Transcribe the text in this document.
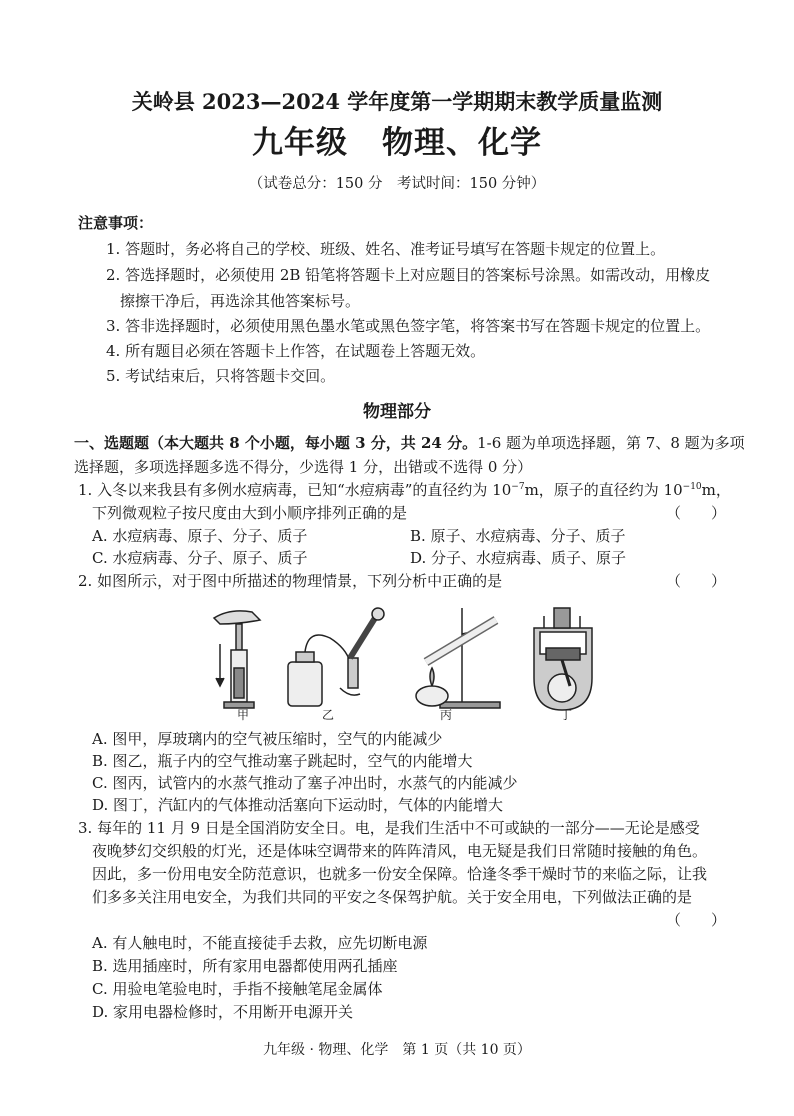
关岭县 2023—2024 学年度第一学期期末教学质量监测
九年级 物理、化学
（试卷总分：150 分　考试时间：150 分钟）
注意事项：
1. 答题时，务必将自己的学校、班级、姓名、准考证号填写在答题卡规定的位置上。
2. 答选择题时，必须使用 2B 铅笔将答题卡上对应题目的答案标号涂黑。如需改动，用橡皮
擦擦干净后，再选涂其他答案标号。
3. 答非选择题时，必须使用黑色墨水笔或黑色签字笔，将答案书写在答题卡规定的位置上。
4. 所有题目必须在答题卡上作答，在试题卷上答题无效。
5. 考试结束后，只将答题卡交回。
物理部分
一、选题题（本大题共 8 个小题，每小题 3 分，共 24 分。1-6 题为单项选择题，第 7、8 题为多项
选择题，多项选择题多选不得分，少选得 1 分，出错或不选得 0 分）
1. 入冬以来我县有多例水痘病毒，已知“水痘病毒”的直径约为 $10^{-7}m$，原子的直径约为 $10^{-10}m$，
下列微观粒子按尺度由大到小顺序排列正确的是	（　　）
A. 水痘病毒、原子、分子、质子	B. 原子、水痘病毒、分子、质子
C. 水痘病毒、分子、原子、质子	D. 分子、水痘病毒、质子、原子
2. 如图所示，对于图中所描述的物理情景，下列分析中正确的是	（　　）
甲	乙	丙	丁
A. 图甲，厚玻璃内的空气被压缩时，空气的内能减少
B. 图乙，瓶子内的空气推动塞子跳起时，空气的内能增大
C. 图丙，试管内的水蒸气推动了塞子冲出时，水蒸气的内能减少
D. 图丁，汽缸内的气体推动活塞向下运动时，气体的内能增大
3. 每年的 11 月 9 日是全国消防安全日。电，是我们生活中不可或缺的一部分——无论是感受
夜晚梦幻交织般的灯光，还是体味空调带来的阵阵清风，电无疑是我们日常随时接触的角色。
因此，多一份用电安全防范意识，也就多一份安全保障。恰逢冬季干燥时节的来临之际，让我
们多多关注用电安全，为我们共同的平安之冬保驾护航。关于安全用电，下列做法正确的是
（　　）
A. 有人触电时，不能直接徒手去救，应先切断电源
B. 选用插座时，所有家用电器都使用两孔插座
C. 用验电笔验电时，手指不接触笔尾金属体
D. 家用电器检修时，不用断开电源开关
九年级 · 物理、化学　第 1 页（共 10 页）
